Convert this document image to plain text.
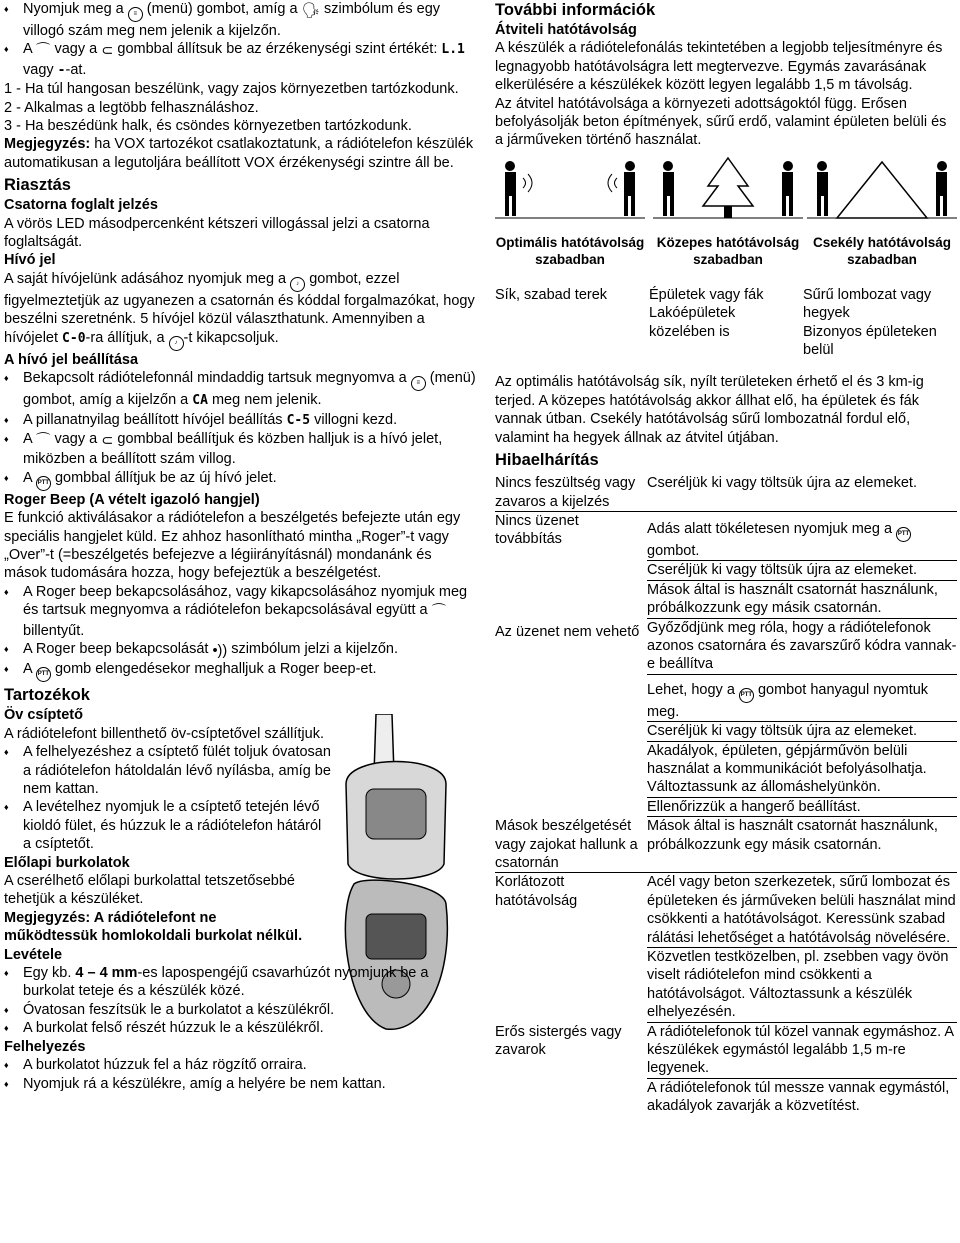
♦ Nyomjuk meg a ≡ (menü) gombot, amíg a 🗣 szimbólum és egy villogó szám meg nem jelenik a kijelzőn.

♦ A ⌒ vagy a ⊂ gombbal állítsuk be az érzékenységi szint értékét: L.1 vagy --at.

1 - Ha túl hangosan beszélünk, vagy zajos környezetben tartózkodunk.

2 - Alkalmas a legtöbb felhasználáshoz.

3 - Ha beszédünk halk, és csöndes környezetben tartózkodunk.

Megjegyzés: ha VOX tartozékot csatlakoztatunk, a rádiótelefon készülék automatikusan a legutoljára beállított VOX érzékenységi szintre áll be.

Riasztás

Csatorna foglalt jelzés

A vörös LED másodpercenként kétszeri villogással jelzi a csatorna foglaltságát.

Hívó jel

A saját hívójelünk adásához nyomjuk meg a ♪ gombot, ezzel figyelmeztetjük az ugyanezen a csatornán és kóddal forgalmazókat, hogy beszélni szeretnénk. 5 hívójel közül választhatunk. Amennyiben a hívójelet C-0-ra állítjuk, a ♪ -t kikapcsoljuk.

A hívó jel beállítása

♦ Bekapcsolt rádiótelefonnál mindaddig tartsuk megnyomva a ≡ (menü) gombot, amíg a kijelzőn a CA meg nem jelenik.

♦ A pillanatnyilag beállított hívójel beállítás C-5 villogni kezd.

♦ A ⌒ vagy a ⊂ gombbal beállítjuk és közben halljuk is a hívó jelet, miközben a beállított szám villog.

♦ A PTT gombbal állítjuk be az új hívó jelet.

Roger Beep (A vételt igazoló hangjel)

E funkció aktiválásakor a rádiótelefon a beszélgetés befejezte után egy speciális hangjelet küld. Ez ahhoz hasonlítható mintha „Roger”-t vagy „Over”-t (=beszélgetés befejezve a légiirányításnál) mondanánk és mások tudomására hozza, hogy befejeztük a beszélgetést.

♦ A Roger beep bekapcsolásához, vagy kikapcsolásához nyomjuk meg és tartsuk megnyomva a rádiótelefon bekapcsolásával együtt a ⌒ billentyűt.

♦ A Roger beep bekapcsolását •)) szimbólum jelzi a kijelzőn.

♦ A PTT gomb elengedésekor meghalljuk a Roger beep-et.

Tartozékok

Öv csíptető

A rádiótelefont billenthető öv-csíptetővel szállítjuk.

♦ A felhelyezéshez a csíptető fülét toljuk óvatosan a rádiótelefon hátoldalán lévő nyílásba, amíg be nem kattan.

♦ A levételhez nyomjuk le a csíptető tetején lévő kioldó fület, és húzzuk le a rádiótelefon hátáról a csíptetőt.

Előlapi burkolatok

A cserélhető előlapi burkolattal tetszetősebbé tehetjük a készüléket.

Megjegyzés: A rádiótelefont ne működtessük homlokoldali burkolat nélkül.

Levétele

♦ Egy kb. 4 – 4 mm-es lapospengéjű csavarhúzót nyomjunk be a burkolat teteje és a készülék közé.

♦ Óvatosan feszítsük le a burkolatot a készülékről.

♦ A burkolat felső részét húzzuk le a készülékről.

Felhelyezés

♦ A burkolatot húzzuk fel a ház rögzítő orraira.

♦ Nyomjuk rá a készülékre, amíg a helyére be nem kattan.

További információk

Átviteli hatótávolság

A készülék a rádiótelefonálás tekintetében a legjobb teljesítményre és legnagyobb hatótávolságra lett megtervezve. Egymás zavarásának elkerülésére a készülékek között legyen legalább 1,5 m távolság.

Az átvitel hatótávolsága a környezeti adottságoktól függ. Erősen befolyásolják beton építmények, sűrű erdő, valamint épületen belüli és a járműveken történő használat.

Optimális hatótávolság szabadban
Közepes hatótávolság szabadban
Csekély hatótávolság szabadban
Sík, szabad terek	Épületek vagy fák Lakóépületek közelében is
Sűrű lombozat vagy hegyek
Bizonyos épületeken belül

Az optimális hatótávolság sík, nyílt területeken érhető el és 3 km-ig terjed. A közepes hatótávolság akkor állhat elő, ha épületek és fák vannak útban. Csekély hatótávolság sűrű lombozatnál fordul elő, valamint ha hegyek állnak az átvitel útjában.

Hibaelhárítás

Nincs feszültség vagy zavaros a kijelzés
Cseréljük ki vagy töltsük újra az elemeket.
Nincs üzenet továbbítás
Adás alatt tökéletesen nyomjuk meg a PTT gombot.
Cseréljük ki vagy töltsük újra az elemeket.
Mások által is használt csatornát használunk, próbálkozzunk egy másik csatornán.
Az üzenet nem vehető Győződjünk meg róla, hogy a rádiótelefonok azonos csatornára és zavarszűrő kódra vannak-e beállítva
Lehet, hogy a PTT gombot hanyagul nyomtuk meg.
Cseréljük ki vagy töltsük újra az elemeket.
Akadályok, épületen, gépjárművön belüli használat a kommunikációt befolyásolhatja. Változtassunk az állomáshelyünkön.
Ellenőrizzük a hangerő beállítást.
Mások beszélgetését vagy zajokat hallunk a csatornán
Mások által is használt csatornát használunk, próbálkozzunk egy másik csatornán.
Korlátozott hatótávolság
Acél vagy beton szerkezetek, sűrű lombozat és épületeken és járműveken belüli használat mind csökkenti a hatótávolságot. Keressünk szabad rálátási lehetőséget a hatótávolság növelésére.
Közvetlen testközelben, pl. zsebben vagy övön viselt rádiótelefon mind csökkenti a hatótávolságot. Változtassunk a készülék elhelyezésén.
Erős sistergés vagy zavarok
A rádiótelefonok túl közel vannak egymáshoz. A készülékek egymástól legalább 1,5 m-re legyenek.
A rádiótelefonok túl messze vannak egymástól, akadályok zavarják a közvetítést.
